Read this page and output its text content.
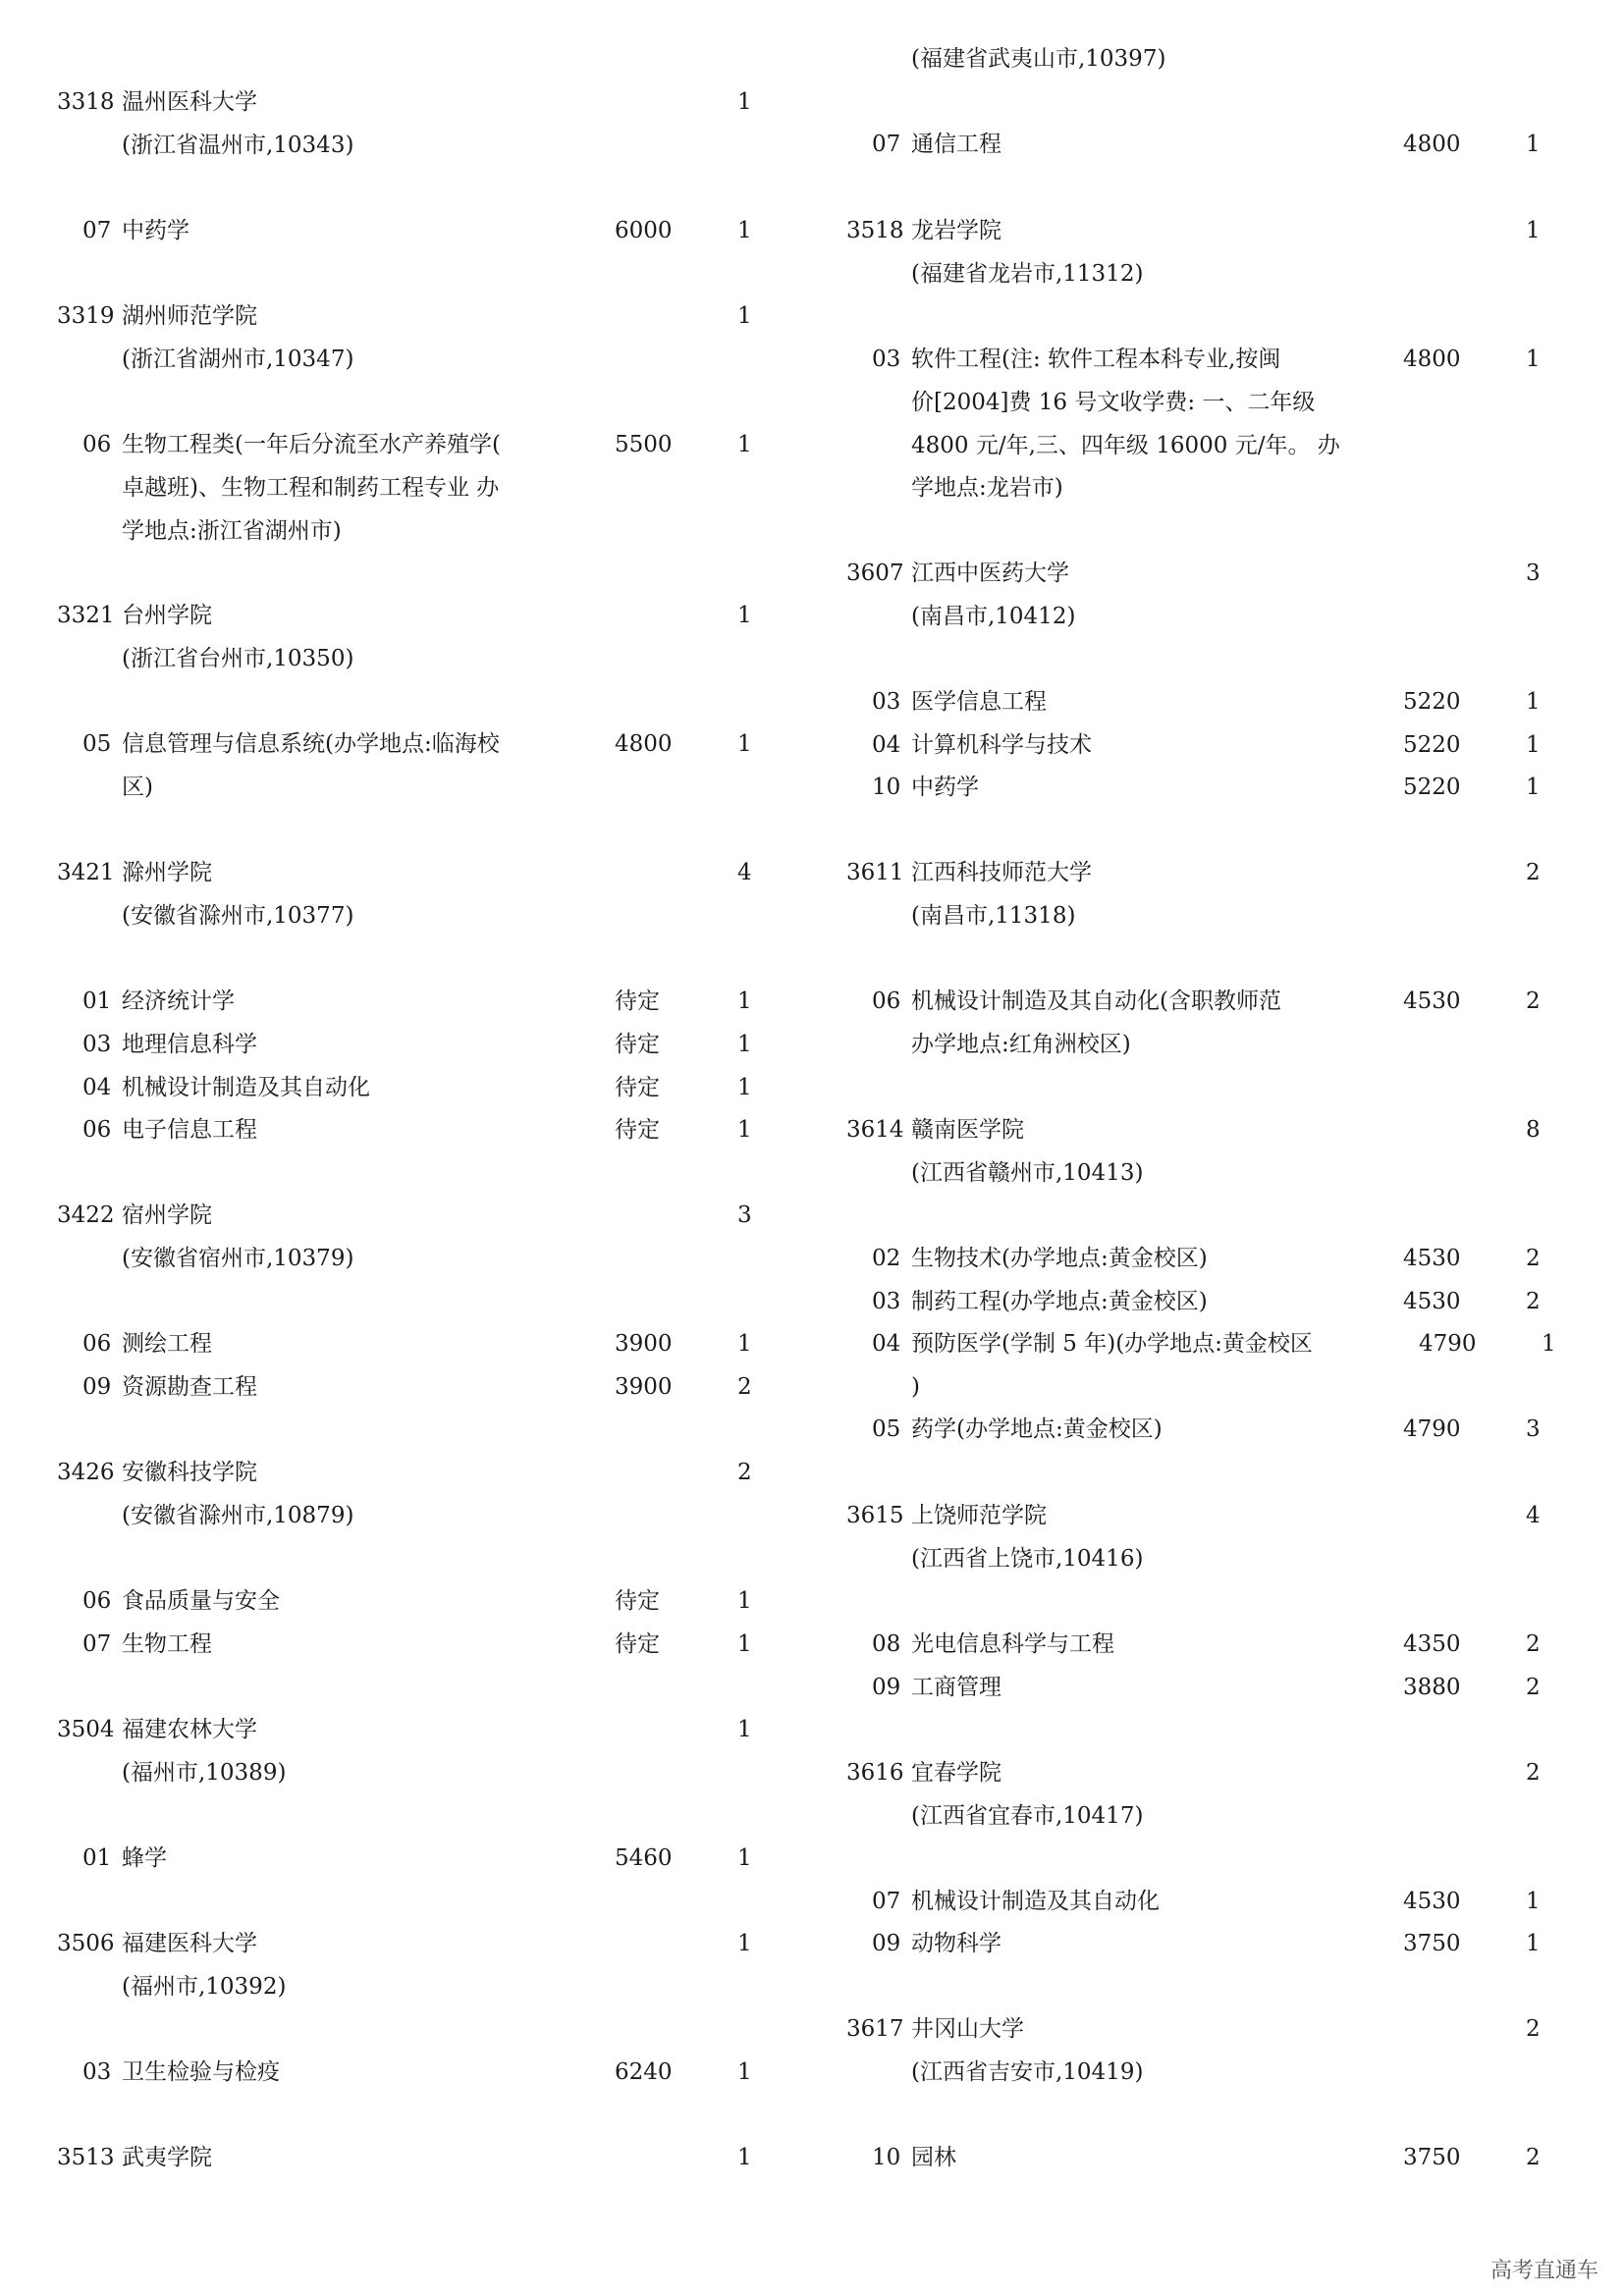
3318 温州医科大学	1
(浙江省温州市,10343)
07 中药学	6000	1
3319 湖州师范学院	1
(浙江省湖州市,10347)
06 生物工程类(一年后分流至水产养殖学(	5500	1
卓越班)、生物工程和制药工程专业 办
学地点:浙江省湖州市)
3321 台州学院	1
(浙江省台州市,10350)
05 信息管理与信息系统(办学地点:临海校	4800	1
区)
3421 滁州学院	4
(安徽省滁州市,10377)
01 经济统计学	待定	1
03 地理信息科学	待定	1
04 机械设计制造及其自动化	待定	1
06 电子信息工程	待定	1
3422 宿州学院	3
(安徽省宿州市,10379)
06 测绘工程	3900	1
09 资源勘查工程	3900	2
3426 安徽科技学院	2
(安徽省滁州市,10879)
06 食品质量与安全	待定	1
07 生物工程	待定	1
3504 福建农林大学	1
(福州市,10389)
01 蜂学	5460	1
3506 福建医科大学	1
(福州市,10392)
03 卫生检验与检疫	6240	1
3513 武夷学院	1
(福建省武夷山市,10397)
07 通信工程	4800	1
3518 龙岩学院	1
(福建省龙岩市,11312)
03 软件工程(注: 软件工程本科专业,按闽	4800	1
价[2004]费 16 号文收学费: 一、二年级
4800 元/年,三、四年级 16000 元/年。 办
学地点:龙岩市)
3607 江西中医药大学	3
(南昌市,10412)
03 医学信息工程	5220	1
04 计算机科学与技术	5220	1
10 中药学	5220	1
3611 江西科技师范大学	2
(南昌市,11318)
06 机械设计制造及其自动化(含职教师范	4530	2
办学地点:红角洲校区)
3614 赣南医学院	8
(江西省赣州市,10413)
02 生物技术(办学地点:黄金校区)	4530	2
03 制药工程(办学地点:黄金校区)	4530	2
04 预防医学(学制 5 年)(办学地点:黄金校区	4790	1
)
05 药学(办学地点:黄金校区)	4790	3
3615 上饶师范学院	4
(江西省上饶市,10416)
08 光电信息科学与工程	4350	2
09 工商管理	3880	2
3616 宜春学院	2
(江西省宜春市,10417)
07 机械设计制造及其自动化	4530	1
09 动物科学	3750	1
3617 井冈山大学	2
(江西省吉安市,10419)
10 园林	3750	2
高考直通车
